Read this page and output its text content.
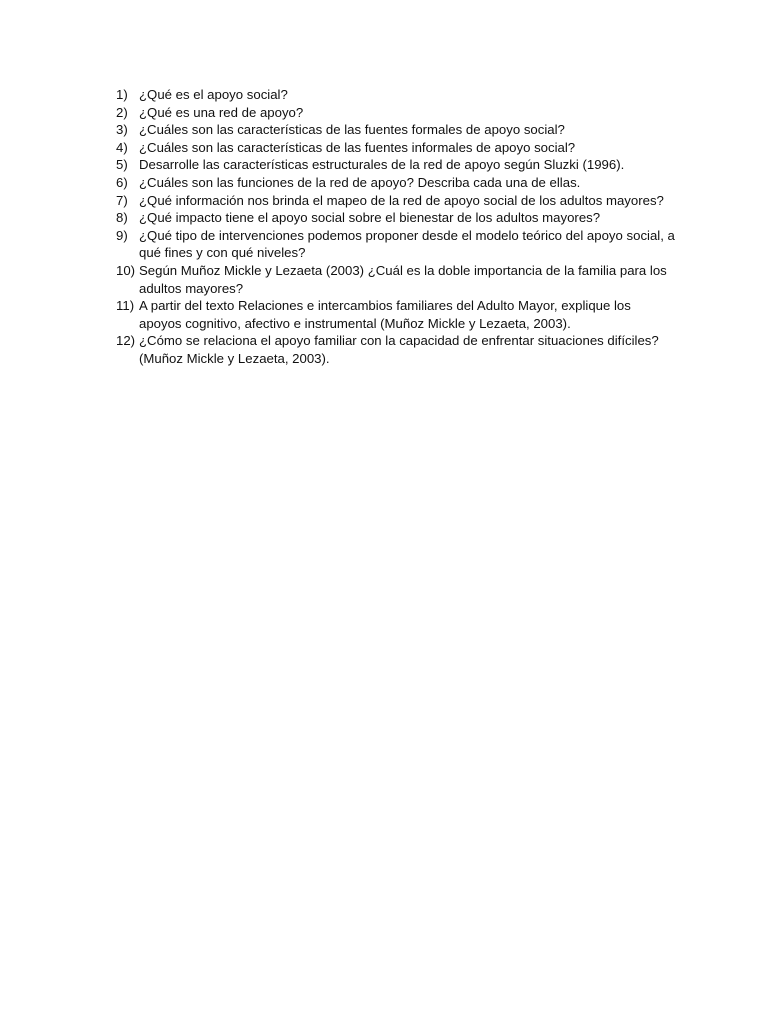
1) ¿Qué es el apoyo social?
2) ¿Qué es una red de apoyo?
3) ¿Cuáles son las características de las fuentes formales de apoyo social?
4) ¿Cuáles son las características de las fuentes informales de apoyo social?
5) Desarrolle las características estructurales de la red de apoyo según Sluzki (1996).
6) ¿Cuáles son las funciones de la red de apoyo? Describa cada una de ellas.
7) ¿Qué información nos brinda el mapeo de la red de apoyo social de los adultos mayores?
8) ¿Qué impacto tiene el apoyo social sobre el bienestar de los adultos mayores?
9) ¿Qué tipo de intervenciones podemos proponer desde el modelo teórico del apoyo social, a qué fines y con qué niveles?
10) Según Muñoz Mickle y Lezaeta (2003) ¿Cuál es la doble importancia de la familia para los adultos mayores?
11) A partir del texto Relaciones e intercambios familiares del Adulto Mayor, explique los apoyos cognitivo, afectivo e instrumental (Muñoz Mickle y Lezaeta, 2003).
12) ¿Cómo se relaciona el apoyo familiar con la capacidad de enfrentar situaciones difíciles? (Muñoz Mickle y Lezaeta, 2003).
